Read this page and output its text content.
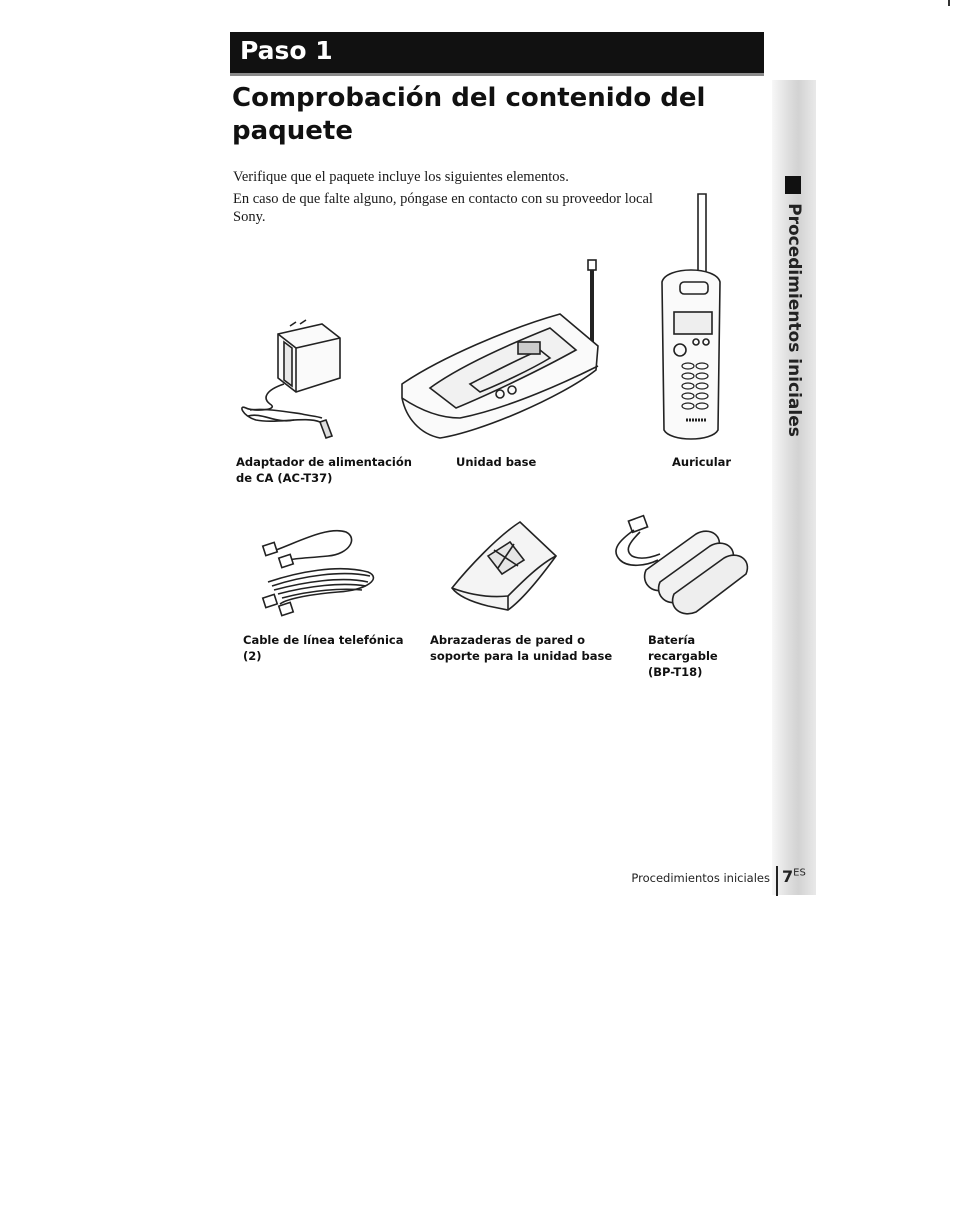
Paso 1
Comprobación del contenido del paquete

Verifique que el paquete incluye los siguientes elementos.

En caso de que falte alguno, póngase en contacto con su proveedor local Sony.	Procedimientos iniciales

Adaptador de alimentación
de CA (AC-T37)

Unidad base	Auricular

Cable de línea telefónica (2)

Abrazaderas de pared o
soporte para la unidad base

Batería recargable
(BP-T18)

Procedimientos iniciales $7^{ES}$
